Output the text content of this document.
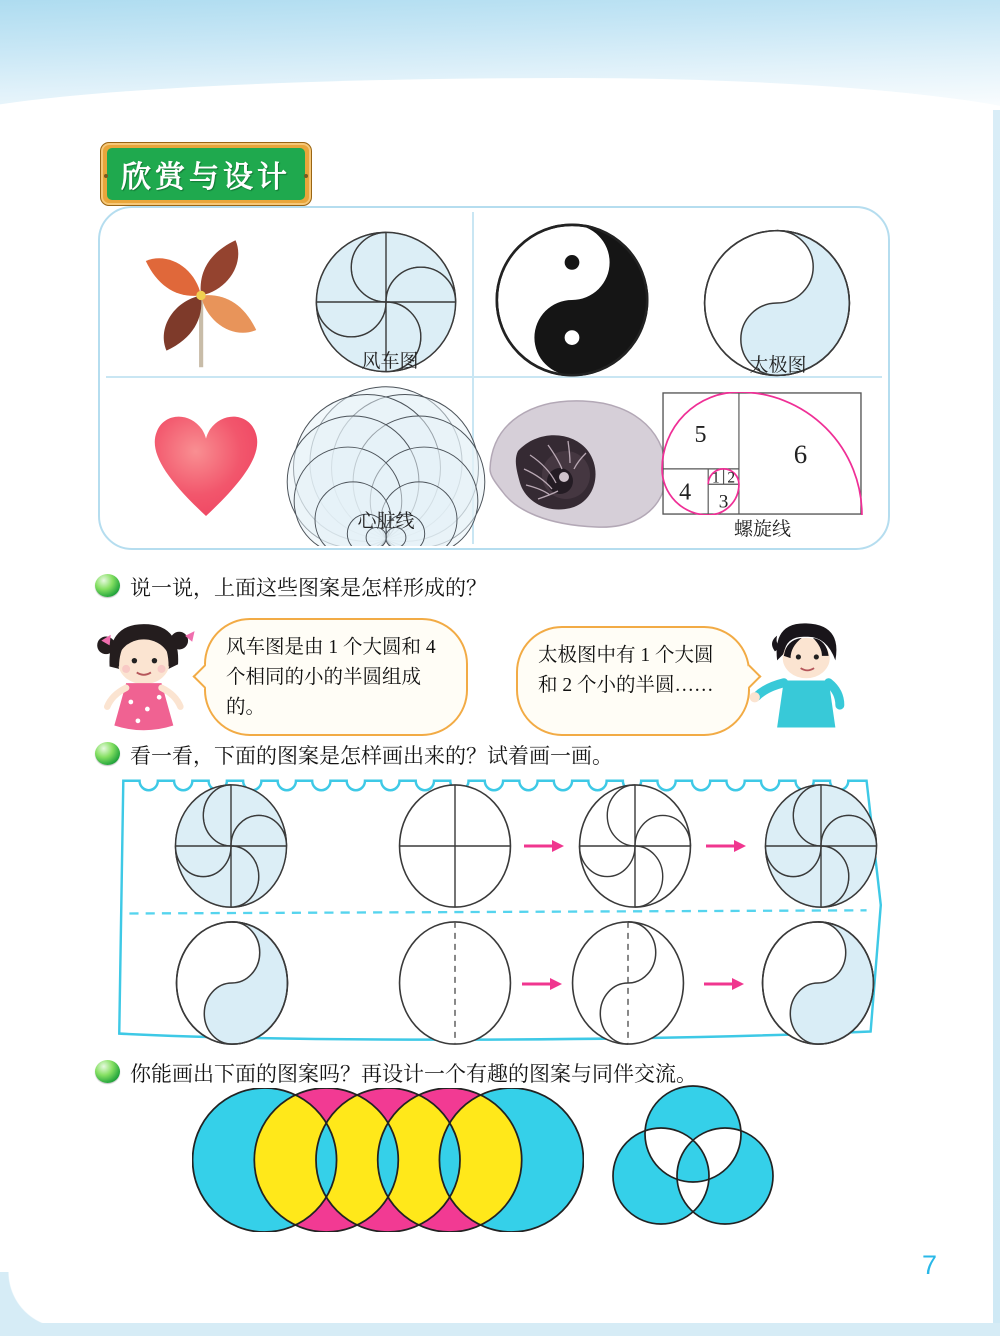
欣赏与设计
风车图	太极图
心脏线
5
6
4
1 2
3
螺旋线
说一说，上面这些图案是怎样形成的？
风车图是由 1 个大圆和 4 个相同的小的半圆组成的。
太极图中有 1 个大圆和 2 个小的半圆……
看一看，下面的图案是怎样画出来的？试着画一画。
你能画出下面的图案吗？再设计一个有趣的图案与同伴交流。
7
